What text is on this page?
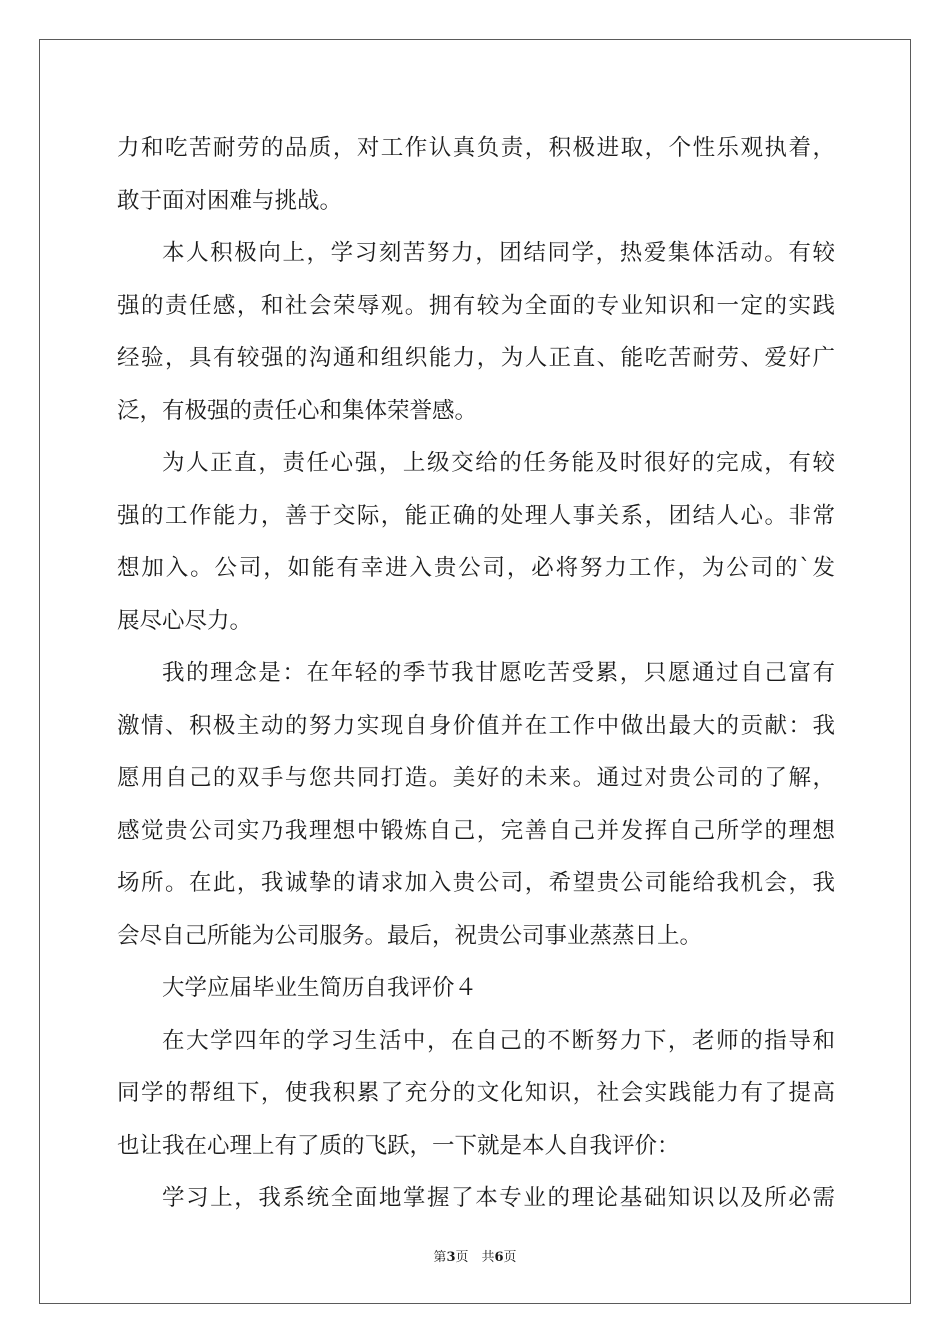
力和吃苦耐劳的品质，对工作认真负责，积极进取，个性乐观执着，
敢于面对困难与挑战。
本人积极向上，学习刻苦努力，团结同学，热爱集体活动。有较
强的责任感，和社会荣辱观。拥有较为全面的专业知识和一定的实践
经验，具有较强的沟通和组织能力，为人正直、能吃苦耐劳、爱好广
泛，有极强的责任心和集体荣誉感。
为人正直，责任心强，上级交给的任务能及时很好的完成，有较
强的工作能力，善于交际，能正确的处理人事关系，团结人心。非常
想加入。公司，如能有幸进入贵公司，必将努力工作，为公司的`发
展尽心尽力。
我的理念是：在年轻的季节我甘愿吃苦受累，只愿通过自己富有
激情、积极主动的努力实现自身价值并在工作中做出最大的贡献：我
愿用自己的双手与您共同打造。美好的未来。通过对贵公司的了解，
感觉贵公司实乃我理想中锻炼自己，完善自己并发挥自己所学的理想
场所。在此，我诚挚的请求加入贵公司，希望贵公司能给我机会，我
会尽自己所能为公司服务。最后，祝贵公司事业蒸蒸日上。
大学应届毕业生简历自我评价４
在大学四年的学习生活中，在自己的不断努力下，老师的指导和
同学的帮组下，使我积累了充分的文化知识，社会实践能力有了提高
也让我在心理上有了质的飞跃，一下就是本人自我评价：
学习上，我系统全面地掌握了本专业的理论基础知识以及所必需
第3页　共6页
